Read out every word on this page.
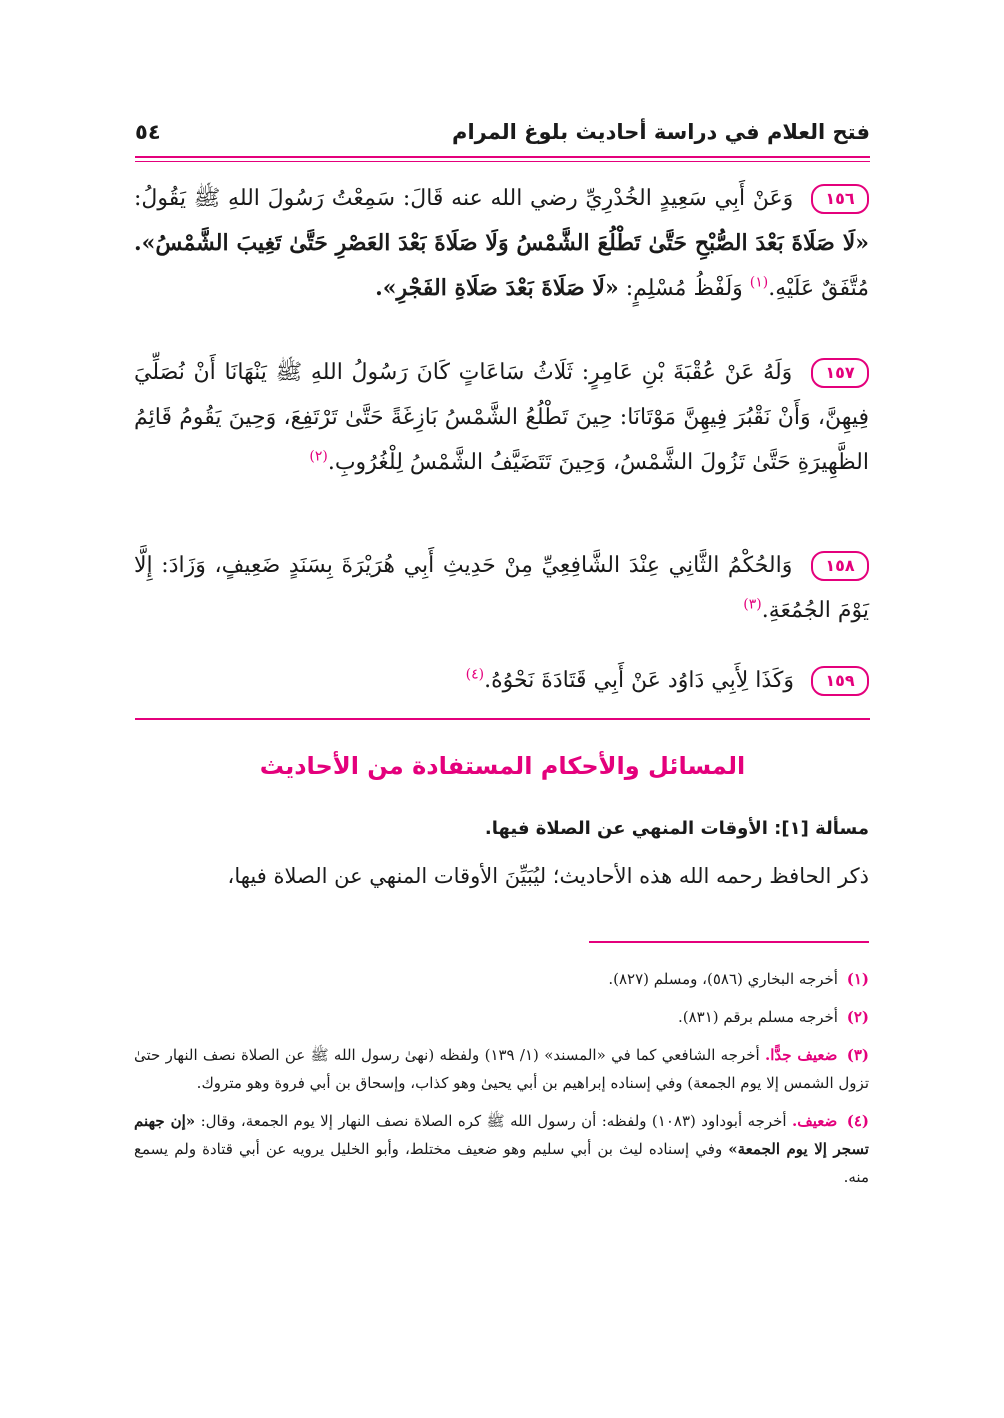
فتح العلام في دراسة أحاديث بلوغ المرام
٥٤
١٥٦ وَعَنْ أَبِي سَعِيدٍ الخُدْرِيِّ رضي الله عنه قَالَ: سَمِعْتُ رَسُولَ اللهِ ﷺ يَقُولُ: «لَا صَلَاةَ بَعْدَ الصُّبْحِ حَتَّىٰ تَطْلُعَ الشَّمْسُ وَلَا صَلَاةَ بَعْدَ العَصْرِ حَتَّىٰ تَغِيبَ الشَّمْسُ». مُتَّفَقٌ عَلَيْهِ.$^{(١)}$ وَلَفْظُ مُسْلِمٍ: «لَا صَلَاةَ بَعْدَ صَلَاةِ الفَجْرِ».
١٥٧ وَلَهُ عَنْ عُقْبَةَ بْنِ عَامِرٍ: ثَلَاثُ سَاعَاتٍ كَانَ رَسُولُ اللهِ ﷺ يَنْهَانَا أَنْ نُصَلِّيَ فِيهِنَّ، وَأَنْ نَقْبُرَ فِيهِنَّ مَوْتَانَا: حِينَ تَطْلُعُ الشَّمْسُ بَازِغَةً حَتَّىٰ تَرْتَفِعَ، وَحِينَ يَقُومُ قَائِمُ الظَّهِيرَةِ حَتَّىٰ تَزُولَ الشَّمْسُ، وَحِينَ تَتَضَيَّفُ الشَّمْسُ لِلْغُرُوبِ.$^{(٢)}$
١٥٨ وَالحُكْمُ الثَّانِي عِنْدَ الشَّافِعِيِّ مِنْ حَدِيثِ أَبِي هُرَيْرَةَ بِسَنَدٍ ضَعِيفٍ، وَزَادَ: إِلَّا يَوْمَ الجُمُعَةِ.$^{(٣)}$
١٥٩ وَكَذَا لِأَبِي دَاوُد عَنْ أَبِي قَتَادَةَ نَحْوُهُ.$^{(٤)}$
المسائل والأحكام المستفادة من الأحاديث
مسألة [١]: الأوقات المنهي عن الصلاة فيها.
ذكر الحافظ رحمه الله هذه الأحاديث؛ ليُبَيِّنَ الأوقات المنهي عن الصلاة فيها،
(١) أخرجه البخاري (٥٨٦)، ومسلم (٨٢٧).
(٢) أخرجه مسلم برقم (٨٣١).
(٣) ضعيف جدًّا. أخرجه الشافعي كما في «المسند» (١/ ١٣٩) ولفظه (نهىٰ رسول الله ﷺ عن الصلاة نصف النهار حتىٰ تزول الشمس إلا يوم الجمعة) وفي إسناده إبراهيم بن أبي يحيىٰ وهو كذاب، وإسحاق بن أبي فروة وهو متروك.
(٤) ضعيف. أخرجه أبوداود (١٠٨٣) ولفظه: أن رسول الله ﷺ كره الصلاة نصف النهار إلا يوم الجمعة، وقال: «إن جهنم تسجر إلا يوم الجمعة» وفي إسناده ليث بن أبي سليم وهو ضعيف مختلط، وأبو الخليل يرويه عن أبي قتادة ولم يسمع منه.
